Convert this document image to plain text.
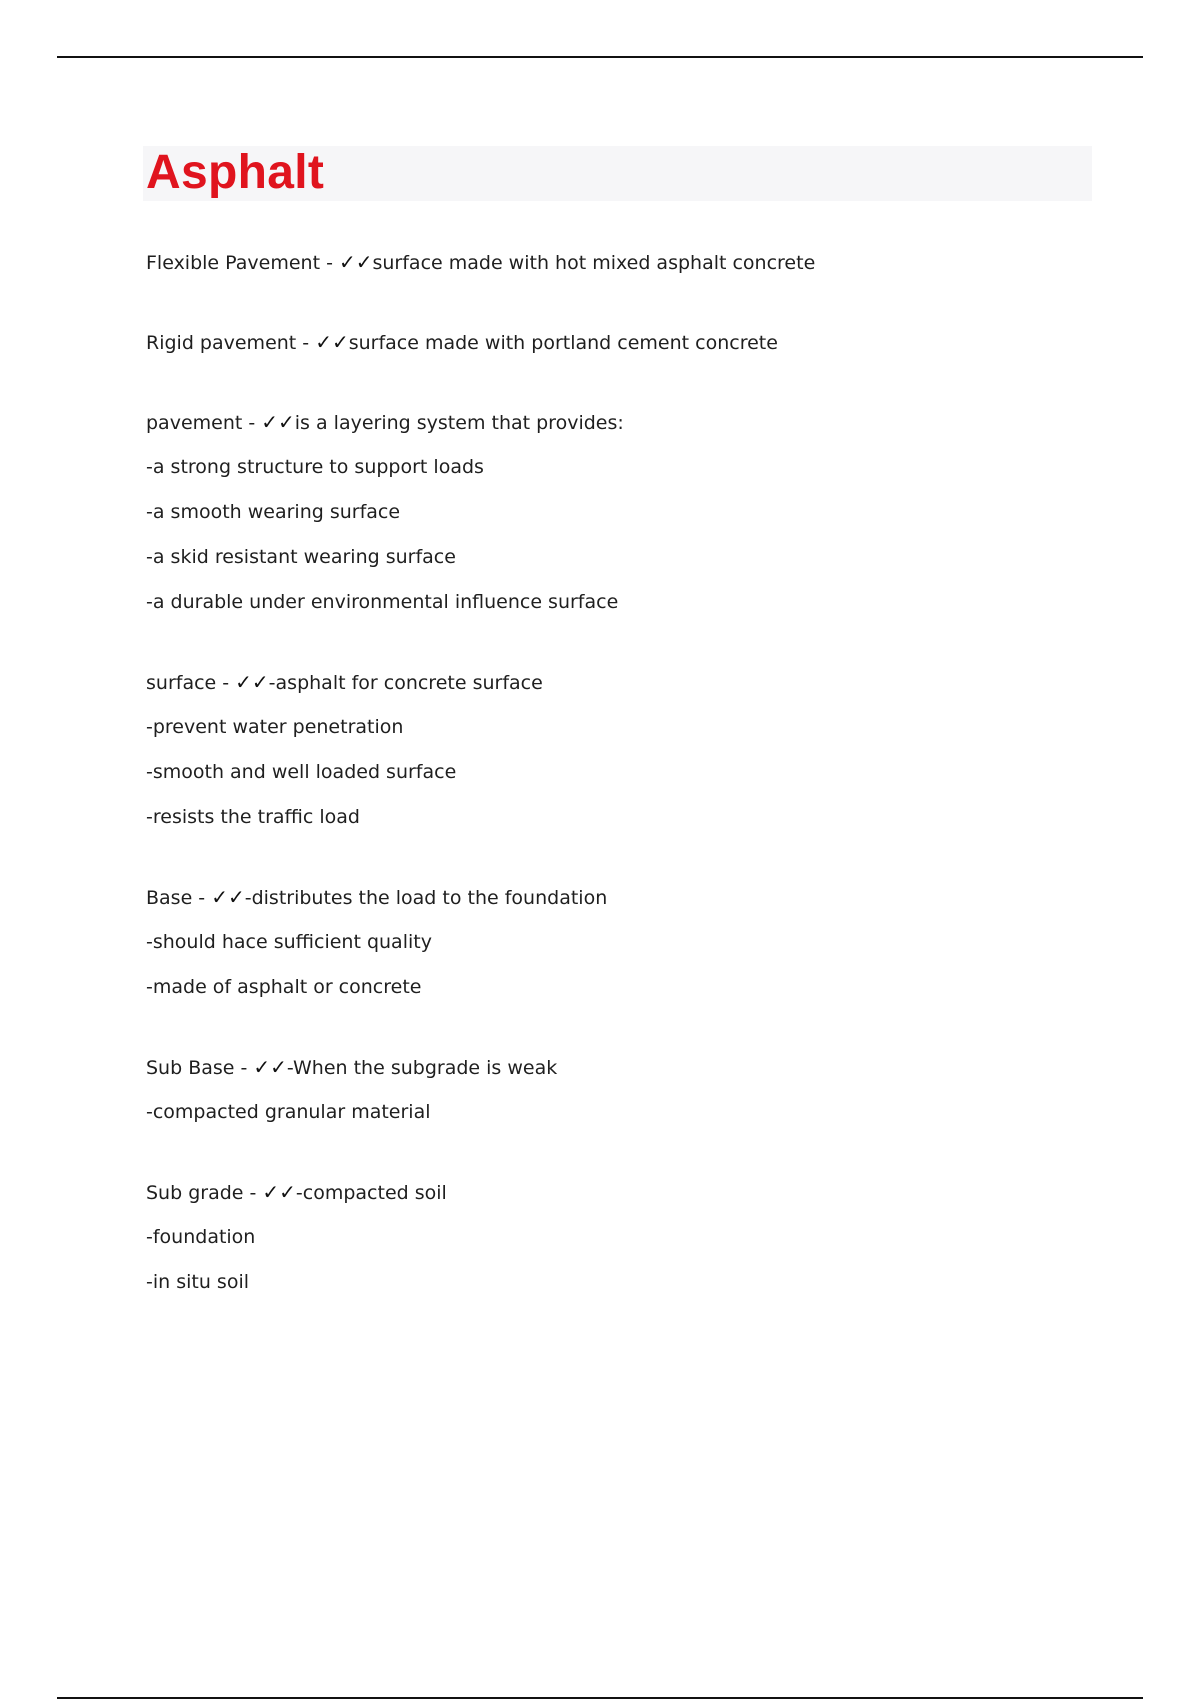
Asphalt
Flexible Pavement - ✓✓surface made with hot mixed asphalt concrete
Rigid pavement - ✓✓surface made with portland cement concrete
pavement - ✓✓is a layering system that provides:
-a strong structure to support loads
-a smooth wearing surface
-a skid resistant wearing surface
-a durable under environmental influence surface
surface - ✓✓-asphalt for concrete surface
-prevent water penetration
-smooth and well loaded surface
-resists the traffic load
Base - ✓✓-distributes the load to the foundation
-should hace sufficient quality
-made of asphalt or concrete
Sub Base - ✓✓-When the subgrade is weak
-compacted granular material
Sub grade - ✓✓-compacted soil
-foundation
-in situ soil
